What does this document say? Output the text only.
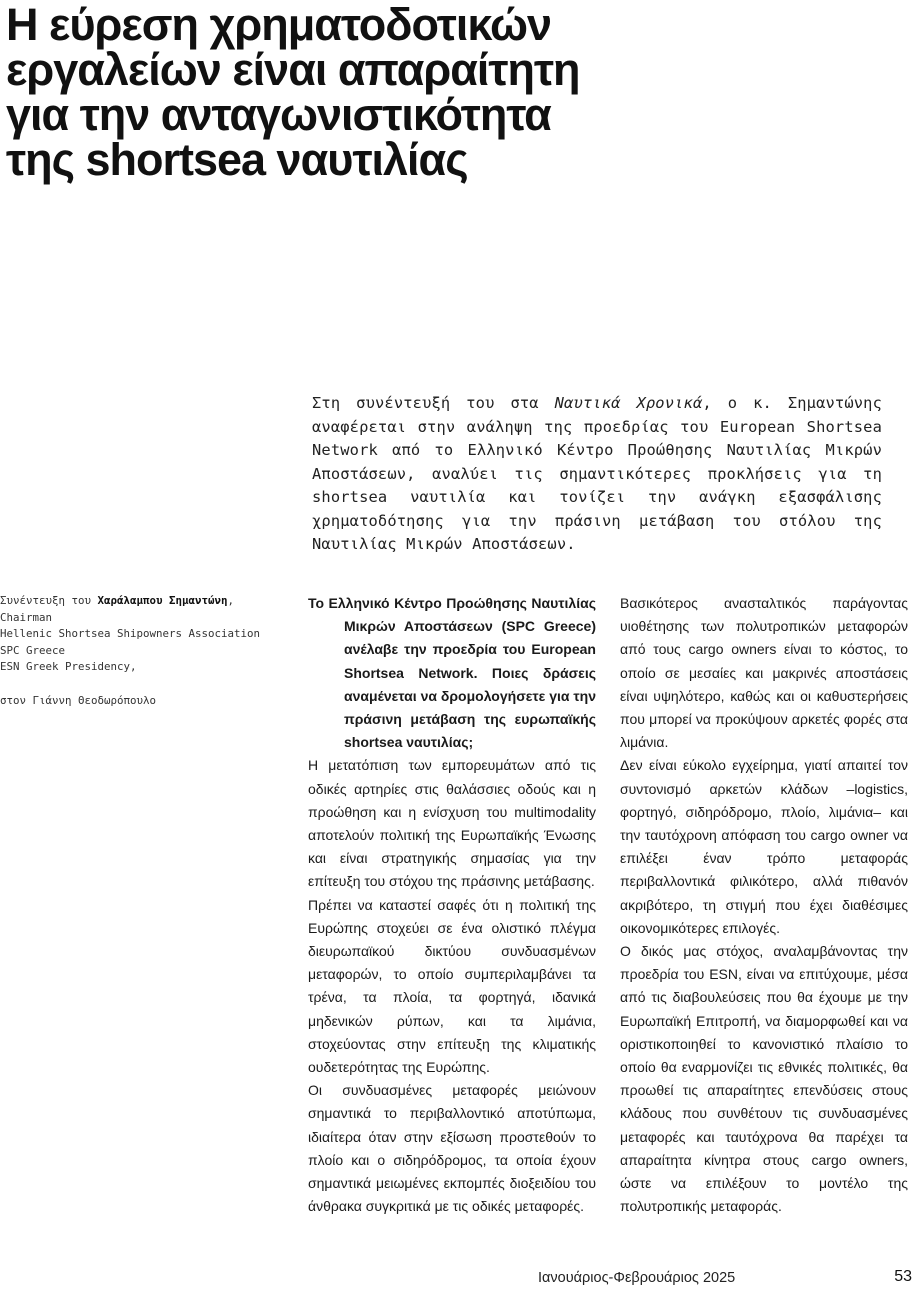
Η εύρεση χρηματοδοτικών
εργαλείων είναι απαραίτητη
για την ανταγωνιστικότητα
της shortsea ναυτιλίας

Στη συνέντευξή του στα Ναυτικά Χρονικά, ο κ. Σημαντώνης αναφέρεται στην ανάληψη της προεδρίας του European Shortsea Network από το Ελληνικό Κέντρο Προώθησης Ναυτιλίας Μικρών Αποστάσεων, αναλύει τις σημαντικότερες προκλήσεις για τη shortsea ναυτιλία και τονίζει την ανάγκη εξασφάλισης χρηματοδότησης για την πράσινη μετάβαση του στόλου της Ναυτιλίας Μικρών Αποστάσεων.

Συνέντευξη του Χαράλαμπου Σημαντώνη,
Chairman
Hellenic Shortsea Shipowners Association
SPC Greece
ESN Greek Presidency,
στον Γιάννη Θεοδωρόπουλο

Το Ελληνικό Κέντρο Προώθησης Ναυτιλίας Μικρών Αποστάσεων (SPC Greece) ανέλαβε την προεδρία του European Shortsea Network. Ποιες δράσεις αναμένεται να δρομολογήσετε για την πράσινη μετάβαση της ευρωπαϊκής shortsea ναυτιλίας;

Η μετατόπιση των εμπορευμάτων από τις οδικές αρτηρίες στις θαλάσσιες οδούς και η προώθηση και η ενίσχυση του multimodality αποτελούν πολιτική της Ευρωπαϊκής Ένωσης και είναι στρατηγικής σημασίας για την επίτευξη του στόχου της πράσινης μετάβασης.

Πρέπει να καταστεί σαφές ότι η πολιτική της Ευρώπης στοχεύει σε ένα ολιστικό πλέγμα διευρωπαϊκού δικτύου συνδυασμένων μεταφορών, το οποίο συμπεριλαμβάνει τα τρένα, τα πλοία, τα φορτηγά, ιδανικά μηδενικών ρύπων, και τα λιμάνια, στοχεύοντας στην επίτευξη της κλιματικής ουδετερότητας της Ευρώπης.

Οι συνδυασμένες μεταφορές μειώνουν σημαντικά το περιβαλλοντικό αποτύπωμα, ιδιαίτερα όταν στην εξίσωση προστεθούν το πλοίο και ο σιδηρόδρομος, τα οποία έχουν σημαντικά μειωμένες εκπομπές διοξειδίου του άνθρακα συγκριτικά με τις οδικές μεταφορές.

Βασικότερος ανασταλτικός παράγοντας υιοθέτησης των πολυτροπικών μεταφορών από τους cargo owners είναι το κόστος, το οποίο σε μεσαίες και μακρινές αποστάσεις είναι υψηλότερο, καθώς και οι καθυστερήσεις που μπορεί να προκύψουν αρκετές φορές στα λιμάνια.

Δεν είναι εύκολο εγχείρημα, γιατί απαιτεί τον συντονισμό αρκετών κλάδων –logistics, φορτηγό, σιδηρόδρομο, πλοίο, λιμάνια– και την ταυτόχρονη απόφαση του cargo owner να επιλέξει έναν τρόπο μεταφοράς περιβαλλοντικά φιλικότερο, αλλά πιθανόν ακριβότερο, τη στιγμή που έχει διαθέσιμες οικονομικότερες επιλογές.

Ο δικός μας στόχος, αναλαμβάνοντας την προεδρία του ESN, είναι να επιτύχουμε, μέσα από τις διαβουλεύσεις που θα έχουμε με την Ευρωπαϊκή Επιτροπή, να διαμορφωθεί και να οριστικοποιηθεί το κανονιστικό πλαίσιο το οποίο θα εναρμονίζει τις εθνικές πολιτικές, θα προωθεί τις απαραίτητες επενδύσεις στους κλάδους που συνθέτουν τις συνδυασμένες μεταφορές και ταυτόχρονα θα παρέχει τα απαραίτητα κίνητρα στους cargo owners, ώστε να επιλέξουν το μοντέλο της πολυτροπικής μεταφοράς.

Ιανουάριος-Φεβρουάριος 2025	53
